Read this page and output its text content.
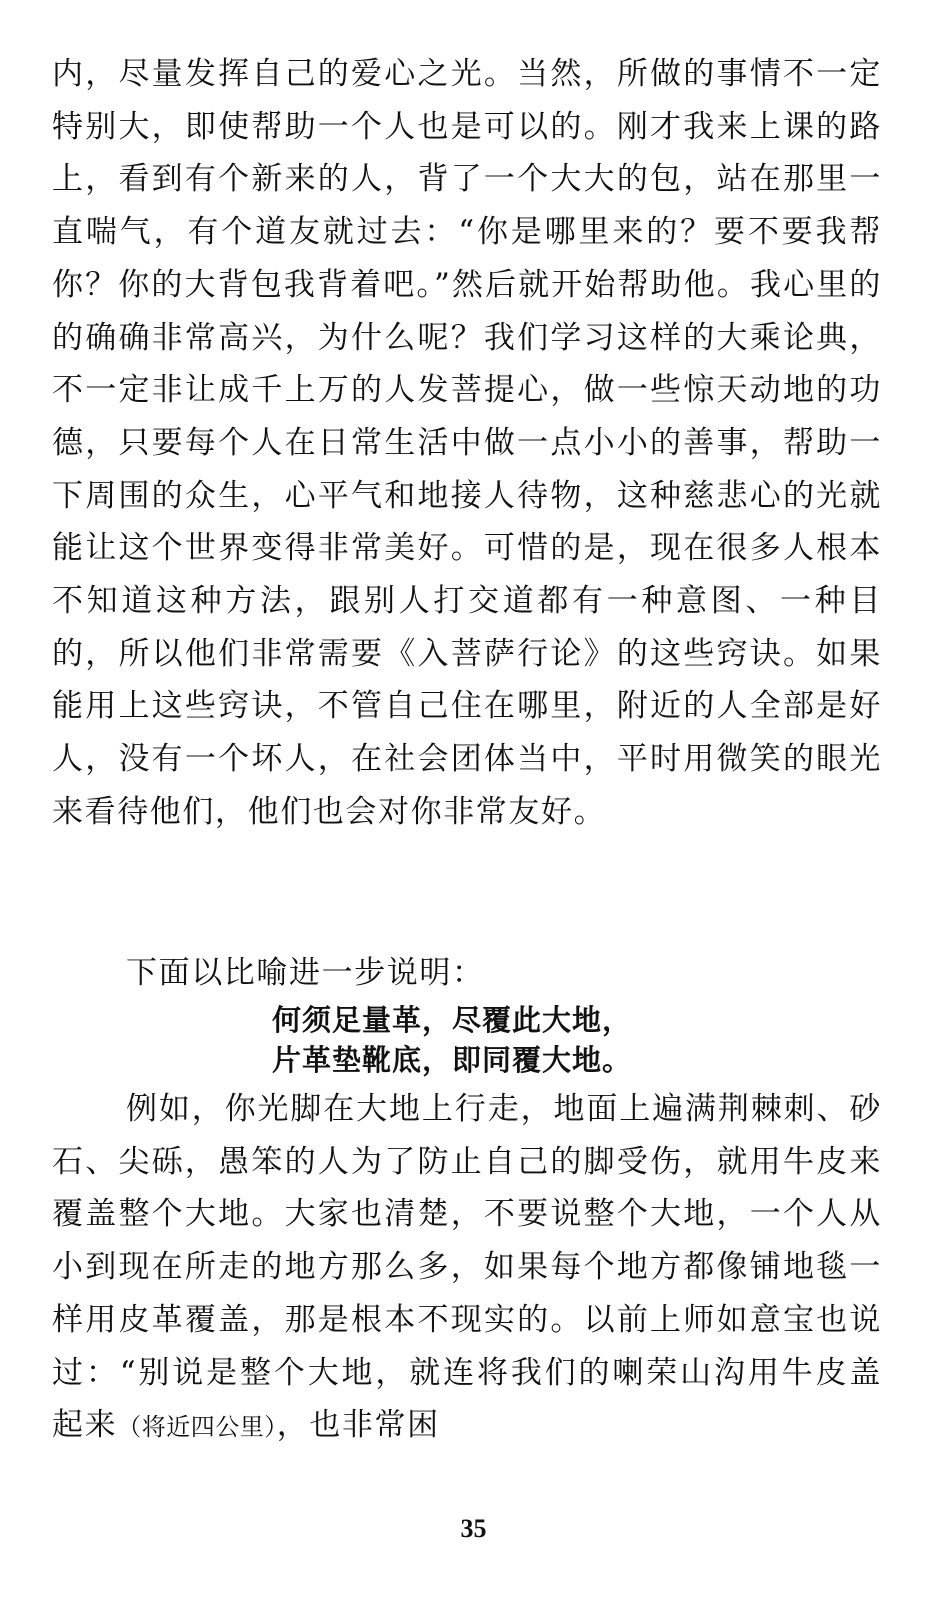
内，尽量发挥自己的爱心之光。当然，所做的事情不一定特别大，即使帮助一个人也是可以的。刚才我来上课的路上，看到有个新来的人，背了一个大大的包，站在那里一直喘气，有个道友就过去：“你是哪里来的？要不要我帮你？你的大背包我背着吧。”然后就开始帮助他。我心里的的确确非常高兴，为什么呢？我们学习这样的大乘论典，不一定非让成千上万的人发菩提心，做一些惊天动地的功德，只要每个人在日常生活中做一点小小的善事，帮助一下周围的众生，心平气和地接人待物，这种慈悲心的光就能让这个世界变得非常美好。可惜的是，现在很多人根本不知道这种方法，跟别人打交道都有一种意图、一种目的，所以他们非常需要《入菩萨行论》的这些窍诀。如果能用上这些窍诀，不管自己住在哪里，附近的人全部是好人，没有一个坏人，在社会团体当中，平时用微笑的眼光来看待他们，他们也会对你非常友好。

下面以比喻进一步说明：

何须足量革，尽覆此大地，

片革垫靴底，即同覆大地。

例如，你光脚在大地上行走，地面上遍满荆棘刺、砂石、尖砾，愚笨的人为了防止自己的脚受伤，就用牛皮来覆盖整个大地。大家也清楚，不要说整个大地，一个人从小到现在所走的地方那么多，如果每个地方都像铺地毯一样用皮革覆盖，那是根本不现实的。以前上师如意宝也说过：“别说是整个大地，就连将我们的喇荣山沟用牛皮盖起来（将近四公里），也非常困

35
